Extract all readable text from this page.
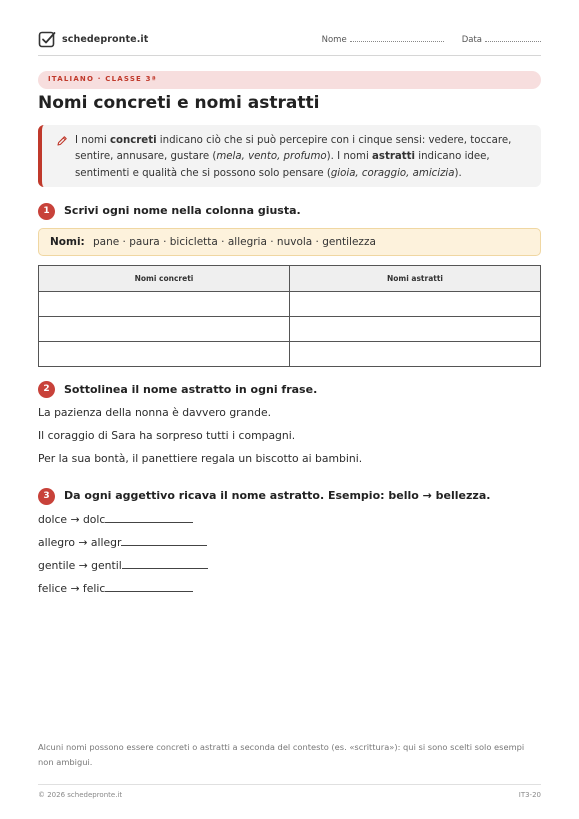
schedepronte.it	Nome	Data
ITALIANO · CLASSE 3ª
Nomi concreti e nomi astratti
I nomi concreti indicano ciò che si può percepire con i cinque sensi: vedere, toccare, sentire, annusare, gustare (mela, vento, profumo). I nomi astratti indicano idee, sentimenti e qualità che si possono solo pensare (gioia, coraggio, amicizia).
1	Scrivi ogni nome nella colonna giusta.
Nomi: pane · paura · bicicletta · allegria · nuvola · gentilezza
Nomi concreti	Nomi astratti

2	Sottolinea il nome astratto in ogni frase.
La pazienza della nonna è davvero grande.
Il coraggio di Sara ha sorpreso tutti i compagni.
Per la sua bontà, il panettiere regala un biscotto ai bambini.
3	Da ogni aggettivo ricava il nome astratto. Esempio: bello → bellezza.
dolce → dolc
allegro → allegr
gentile → gentil
felice → felic
Alcuni nomi possono essere concreti o astratti a seconda del contesto (es. «scrittura»): qui si sono scelti solo esempi non ambigui.
© 2026 schedepronte.it	IT3-20
